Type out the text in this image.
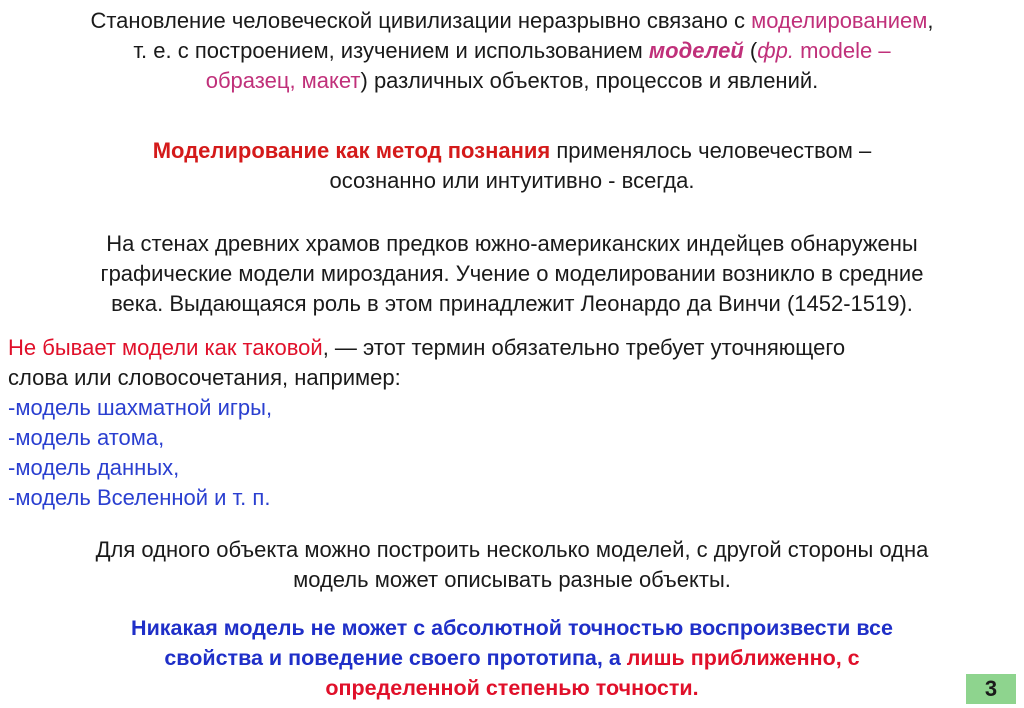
Становление человеческой цивилизации неразрывно связано с моделированием,
т. е. с построением, изучением и использованием моделей (фр. modele –
образец, макет) различных объектов, процессов и явлений.

Моделирование как метод познания применялось человечеством –
осознанно или интуитивно - всегда.

На стенах древних храмов предков южно-американских индейцев обнаружены
графические модели мироздания. Учение о моделировании возникло в средние
века. Выдающаяся роль в этом принадлежит Леонардо да Винчи (1452-1519).

Не бывает модели как таковой, — этот термин обязательно требует уточняющего
слова или словосочетания, например:
-модель шахматной игры,
-модель атома,
-модель данных,
-модель Вселенной и т. п.

Для одного объекта можно построить несколько моделей, с другой стороны одна
модель может описывать разные объекты.

Никакая модель не может с абсолютной точностью воспроизвести все
свойства и поведение своего прототипа, а лишь приближенно, с
определенной степенью точности.	3
